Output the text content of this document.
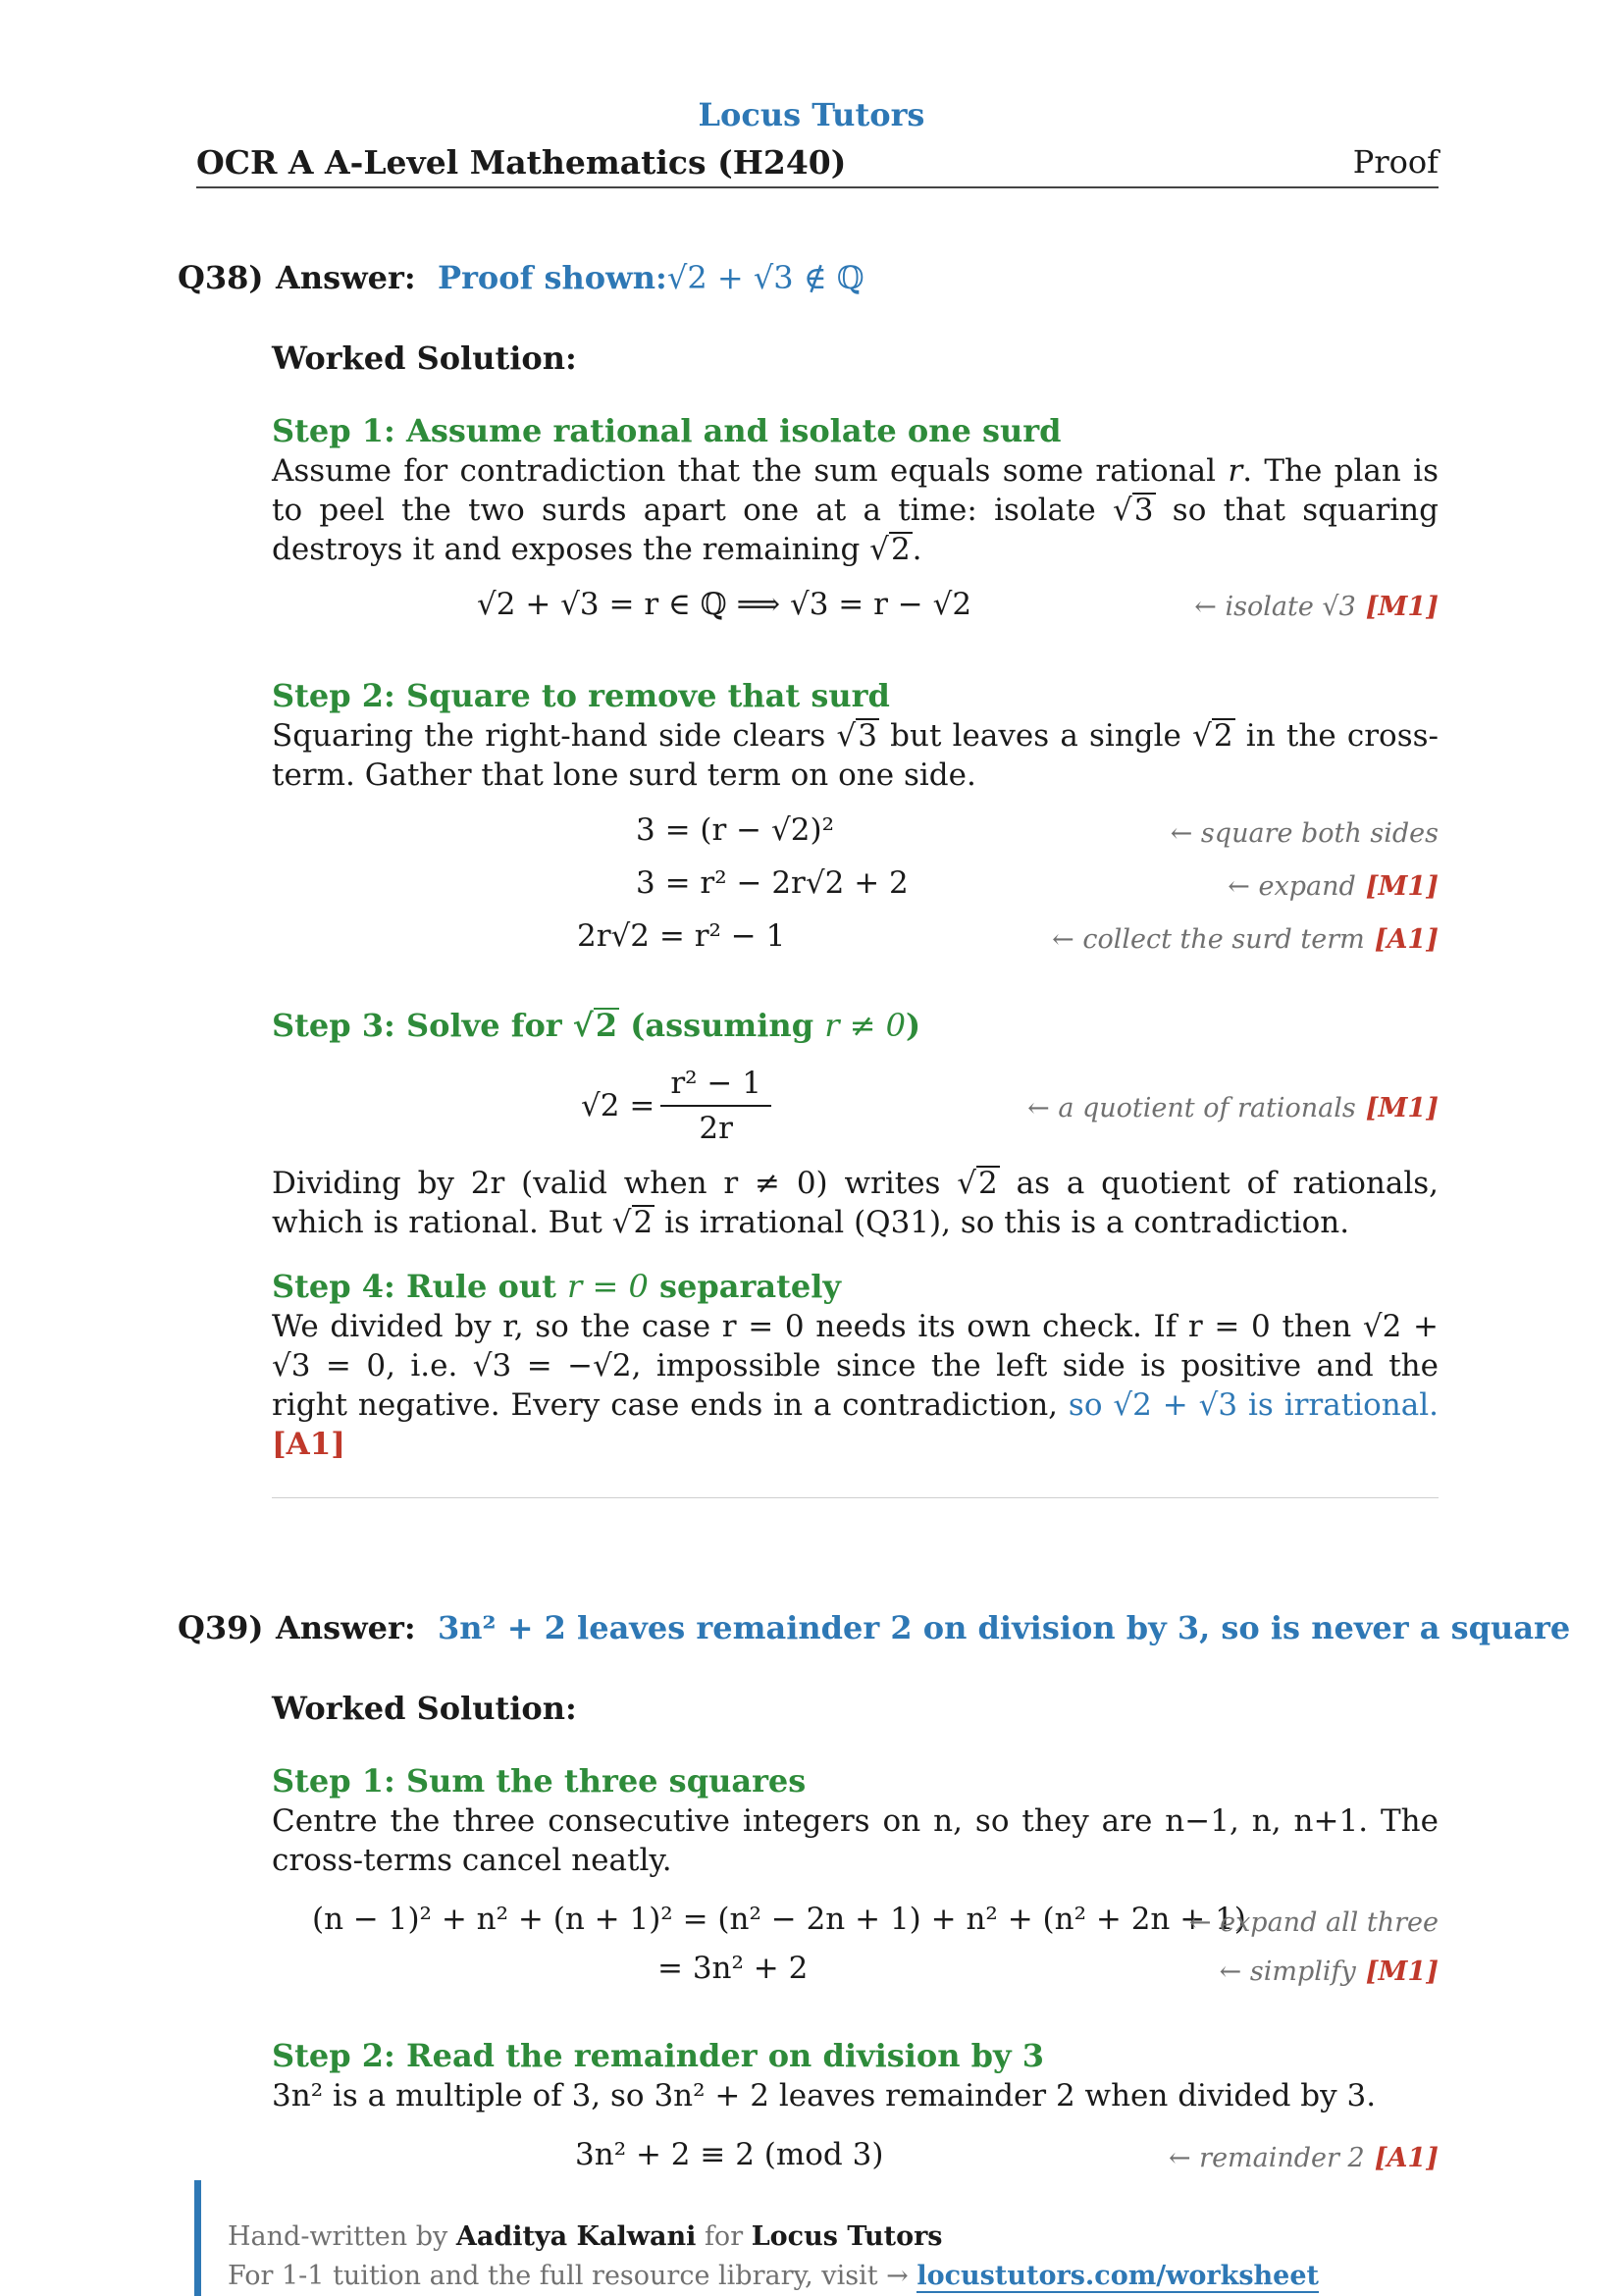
Locus Tutors
OCR A A-Level Mathematics (H240)	Proof
Q38) Answer: Proof shown: √2 + √3 ∉ ℚ
Worked Solution:
Step 1: Assume rational and isolate one surd
Assume for contradiction that the sum equals some rational r. The plan is to peel the two surds apart one at a time: isolate √ 3 so that squaring destroys it and exposes the remaining √ 2.
√2 + √3 = r ∈ ℚ ⟹ √3 = r − √2	← isolate √3 [M1]
Step 2: Square to remove that surd
Squaring the right-hand side clears √ 3 but leaves a single √ 2 in the cross-term. Gather that lone surd term on one side.
3 = (r − √2)²	← square both sides
3 = r² − 2r√2 + 2	← expand [M1]
2r√2 = r² − 1	← collect the surd term [A1]
Step 3: Solve for √ 2 (assuming r ≠ 0)
$√2 = \frac{\text{r² − 1}}{2r}$	← a quotient of rationals [M1]
Dividing by 2r (valid when r ≠ 0) writes √ 2 as a quotient of rationals, which is rational. But √ 2 is irrational (Q31), so this is a contradiction.
Step 4: Rule out r = 0 separately
We divided by r, so the case r = 0 needs its own check. If r = 0 then √2 + √3 = 0, i.e. √3 = −√2, impossible since the left side is positive and the right negative. Every case ends in a contradiction, so √2 + √3 is irrational. [A1]
Q39) Answer: 3n² + 2 leaves remainder 2 on division by 3, so is never a square
Worked Solution:
Step 1: Sum the three squares
Centre the three consecutive integers on n, so they are n−1, n, n+1. The cross-terms cancel neatly.
(n − 1)² + n² + (n + 1)² = (n² − 2n + 1) + n² + (n² + 2n + 1)
← expand all three
= 3n² + 2	← simplify [M1]
Step 2: Read the remainder on division by 3
3n² is a multiple of 3, so 3n² + 2 leaves remainder 2 when divided by 3.
3n² + 2 ≡ 2 (mod 3)	← remainder 2 [A1]
Hand-written by Aaditya Kalwani for Locus Tutors
For 1-1 tuition and the full resource library, visit → locustutors.com/worksheet
